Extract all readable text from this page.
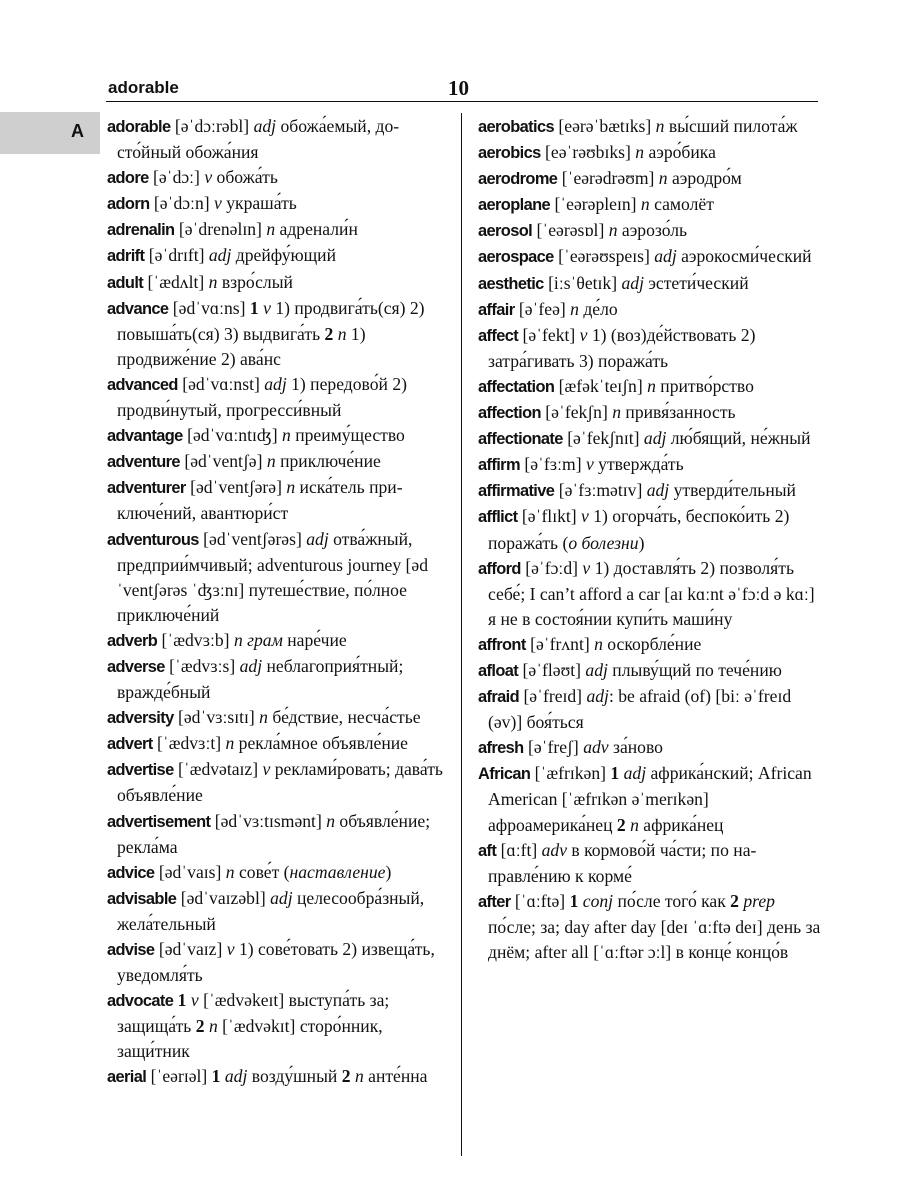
adorable	10
A adorable [əˈdɔːrəbl] adj обожа́емый, досто́йный обожа́ния
adore [əˈdɔː] v обожа́ть
adorn [əˈdɔːn] v украша́ть
adrenalin [əˈdrenəlɪn] n адренали́н
adrift [əˈdrɪft] adj дрейфу́ющий
adult [ˈædʌlt] n взро́слый
advance [ədˈvɑːns] 1 v 1) продвига́ть(ся) 2) повыша́ть(ся) 3) выдвига́ть 2 n 1) продвиже́ние 2) ава́нс
advanced [ədˈvɑːnst] adj 1) передово́й 2) продви́нутый, прогресси́вный
advantage [ədˈvɑːntɪʤ] n преиму́щество
adventure [ədˈventʃə] n приключе́ние
adventurer [ədˈventʃərə] n иска́тель приключе́ний, авантюри́ст
adventurous [ədˈventʃərəs] adj отва́жный, предприи́мчивый; adventurous journey [ədˈventʃərəs ˈʤɜːnɪ] путеше́ствие, по́лное приключе́ний
adverb [ˈædvɜːb] n грам наре́чие
adverse [ˈædvɜːs] adj неблагоприя́тный; вражде́бный
adversity [ədˈvɜːsɪtɪ] n бе́дствие, несча́стье
advert [ˈædvɜːt] n рекла́мное объявле́ние
advertise [ˈædvətaɪz] v реклами́ровать; дава́ть объявле́ние
advertisement [ədˈvɜːtɪsmənt] n объявле́ние; рекла́ма
advice [ədˈvaɪs] n сове́т (наставление)
advisable [ədˈvaɪzəbl] adj целесообра́зный, жела́тельный
advise [ədˈvaɪz] v 1) сове́товать 2) извеща́ть, уведомля́ть
advocate 1 v [ˈædvəkeɪt] выступа́ть за; защища́ть 2 n [ˈædvəkɪt] сторо́нник, защи́тник
aerial [ˈeərɪəl] 1 adj возду́шный 2 n анте́нна
aerobatics [eərəˈbætɪks] n вы́сший пилота́ж
aerobics [eəˈrəʊbɪks] n аэро́бика
aerodrome [ˈeərədrəʊm] n аэродро́м
aeroplane [ˈeərəpleɪn] n самолёт
aerosol [ˈeərəsɒl] n аэрозо́ль
aerospace [ˈeərəʊspeɪs] adj аэрокосми́ческий
aesthetic [iːsˈθetɪk] adj эстети́ческий
affair [əˈfeə] n де́ло
affect [əˈfekt] v 1) (воз)де́йствовать 2) затра́гивать 3) поража́ть
affectation [æfəkˈteɪʃn] n притво́рство
affection [əˈfekʃn] n привя́занность
affectionate [əˈfekʃnɪt] adj лю́бящий, не́жный
affirm [əˈfɜːm] v утвержда́ть
affirmative [əˈfɜːmətɪv] adj утверди́тельный
afflict [əˈflɪkt] v 1) огорча́ть, беспоко́ить 2) поража́ть (о болезни)
afford [əˈfɔːd] v 1) доставля́ть 2) позволя́ть себе́; I can’t afford a car [aɪ kɑːnt əˈfɔːd ə kɑː] я не в состоя́нии купи́ть маши́ну
affront [əˈfrʌnt] n оскорбле́ние
afloat [əˈfləʊt] adj плыву́щий по тече́нию
afraid [əˈfreɪd] adj: be afraid (of) [biː əˈfreɪd (əv)] боя́ться
afresh [əˈfreʃ] adv за́ново
African [ˈæfrɪkən] 1 adj африка́нский; African American [ˈæfrɪkən əˈmerɪkən] афроамерика́нец 2 n африка́нец
aft [ɑːft] adv в кормово́й ча́сти; по направле́нию к корме́
after [ˈɑːftə] 1 conj по́сле того́ как 2 prep по́сле; за; day after day [deɪ ˈɑːftə deɪ] день за днём; after all [ˈɑːftər ɔːl] в конце́ концо́в
